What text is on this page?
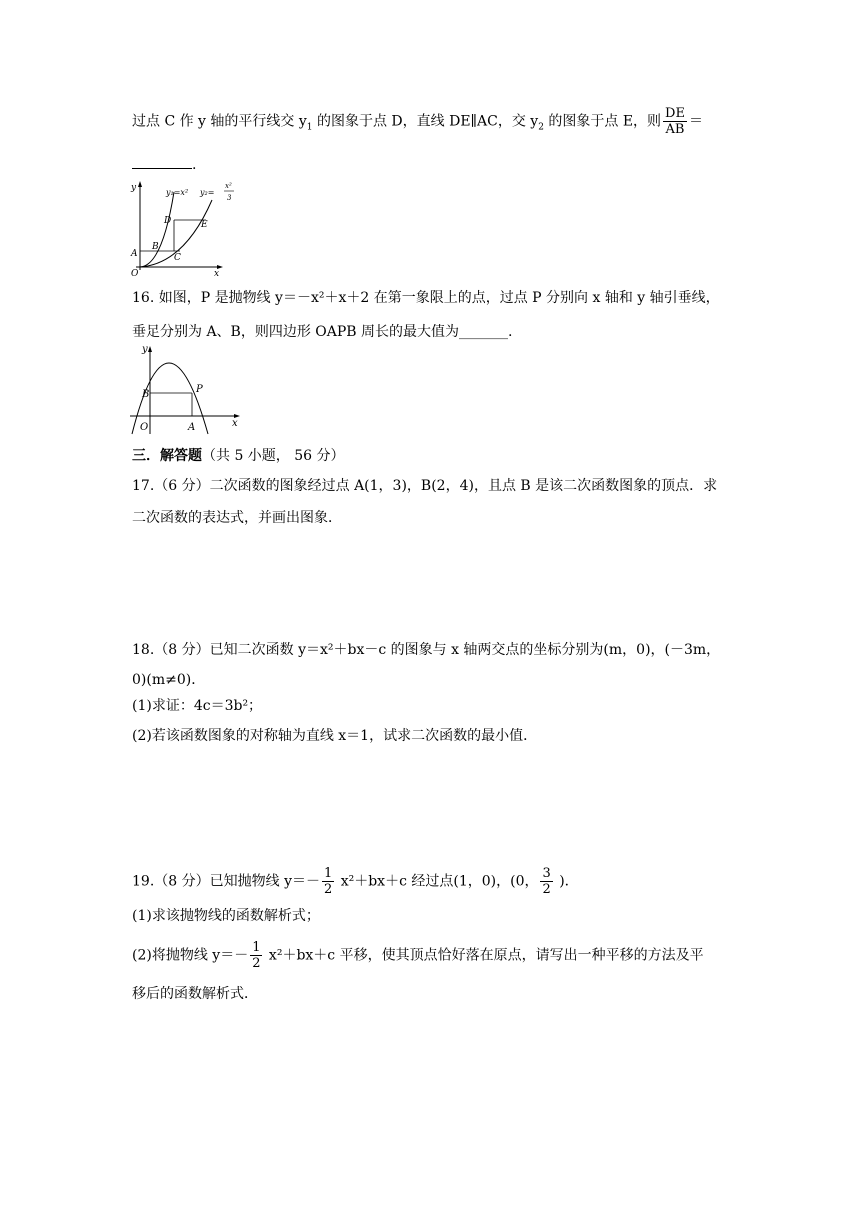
过点 C 作 y 轴的平行线交 $y_1$ 的图象于点 D，直线 DE∥AC，交 $y_2$ 的图象于点 E，则 $\frac{DE}{AB}$ ＝
.
y
x
O
A
B
C
D	E
y₁=x² y₂=
x²
3
16. 如图，P 是抛物线 y＝－x²＋x＋2 在第一象限上的点，过点 P 分别向 x 轴和 y 轴引垂线，
垂足分别为 A、B，则四边形 OAPB 周长的最大值为_______.
y
x
O
B	P
A
三．解答题（共 5 小题， 56 分）
17.（6 分）二次函数的图象经过点 A(1，3)，B(2，4)，且点 B 是该二次函数图象的顶点．求
二次函数的表达式，并画出图象．
18.（8 分）已知二次函数 y＝x²＋bx－c 的图象与 x 轴两交点的坐标分别为(m，0)，(－3m，
0)(m≠0)．
(1)求证：4c＝3b²；
(2)若该函数图象的对称轴为直线 x＝1，试求二次函数的最小值．
19.（8 分）已知抛物线 $y=- \frac{1}{2} x^2+bx+c$ 经过点(1，0)，(0， $\frac{3}{2}$ )．
(1)求该抛物线的函数解析式；
(2)将抛物线 $y=- \frac{1}{2} x^2+bx+c$ 平移，使其顶点恰好落在原点，请写出一种平移的方法及平
移后的函数解析式．
